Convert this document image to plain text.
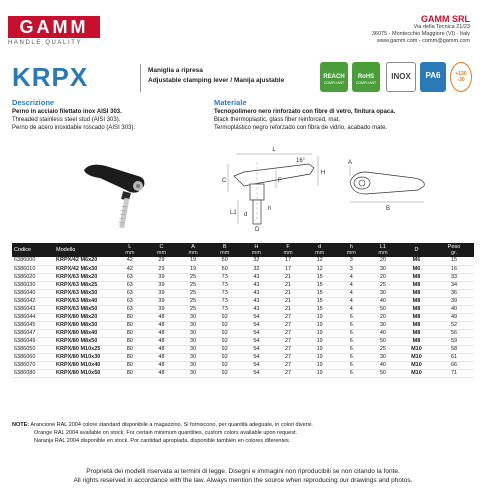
GAMM
HANDLE QUALITY
GAMM SRL
Via della Tecnica 21/23
36075 - Montecchio Maggiore (VI) - Italy
www.gamm.com - comm@gamm.com
KRPX	Maniglia a ripresa
Adjustable clamping lever / Manija ajustable	REACH
COMPLIANT
RoHS
COMPLIANT
INOX	PA6	+130
-30
Descrizione
Perno in acciaio filettato inox AISI 303.
Threaded stainless steel stud (AISI 303).
Perno de acero inoxidable roscado (AISI 303).
Materiale
Tecnopolimero nero rinforzato con fibre di vetro, finitura opaca.
Black thermoplastic, glass fiber reinforced, mat.
Termoplástico negro reforzado con fibra de vidrio, acabado mate.
L
C
16°
H
F
L1 d
h
D
A
B
Codice	Modello	L
mm	C
mm	A
mm	B
mm	H
mm	F
mm	d
mm	h
mm	L1
mm	D	Peso
gr.

6386000	KRPX/42 M6x20	42	29	19	50	32	17	12	3	20	M6	15
6386010	KRPX/42 M6x30	42	29	19	50	32	17	12	3	30	M6	16
6386020	KRPX/63 M8x20	63	39	25	73	43	21	15	4	20	M8	33
6386030	KRPX/63 M8x25	63	39	25	73	43	21	15	4	25	M8	34
6386040	KRPX/63 M8x30	63	39	25	73	43	21	15	4	30	M8	36
6386042	KRPX/63 M8x40	63	39	25	73	43	21	15	4	40	M8	39
6386043	KRPX/63 M8x50	63	39	25	73	43	21	15	4	50	M8	40
6386044	KRPX/80 M8x20	80	48	30	92	54	27	19	6	20	M8	49
6386045	KRPX/80 M8x30	80	48	30	92	54	27	19	6	30	M8	52
6386047	KRPX/80 M8x40	80	48	30	92	54	27	19	6	40	M8	56
6386049	KRPX/80 M8x50	80	48	30	92	54	27	19	6	50	M8	59
6386050	KRPX/80 M10x25	80	48	30	92	54	27	19	6	25	M10	58
6386060	KRPX/80 M10x30	80	48	30	92	54	27	19	6	30	M10	61
6386070	KRPX/80 M10x40	80	48	30	92	54	27	19	6	40	M10	66
6386080	KRPX/80 M10x50	80	48	30	92	54	27	19	6	50	M10	71
NOTE: Arancione RAL 2004 colore standard disponibile a magazzino. Si forniscono, per quantità adeguate, in colori diversi.
Orange RAL 2004 available on stock. For certain minimum quantities, custom colors available upon request.
Naranja RAL 2004 disponible en stock. Por cantidad apropiada, disponible también en colores diferentes.
Proprietà dei modelli riservata ai termini di legge. Disegni e immagini non riproducibili se non citando la fonte.
All rights reserved in accordance with the law. Always mention the source when reproducing our drawings and photos.
